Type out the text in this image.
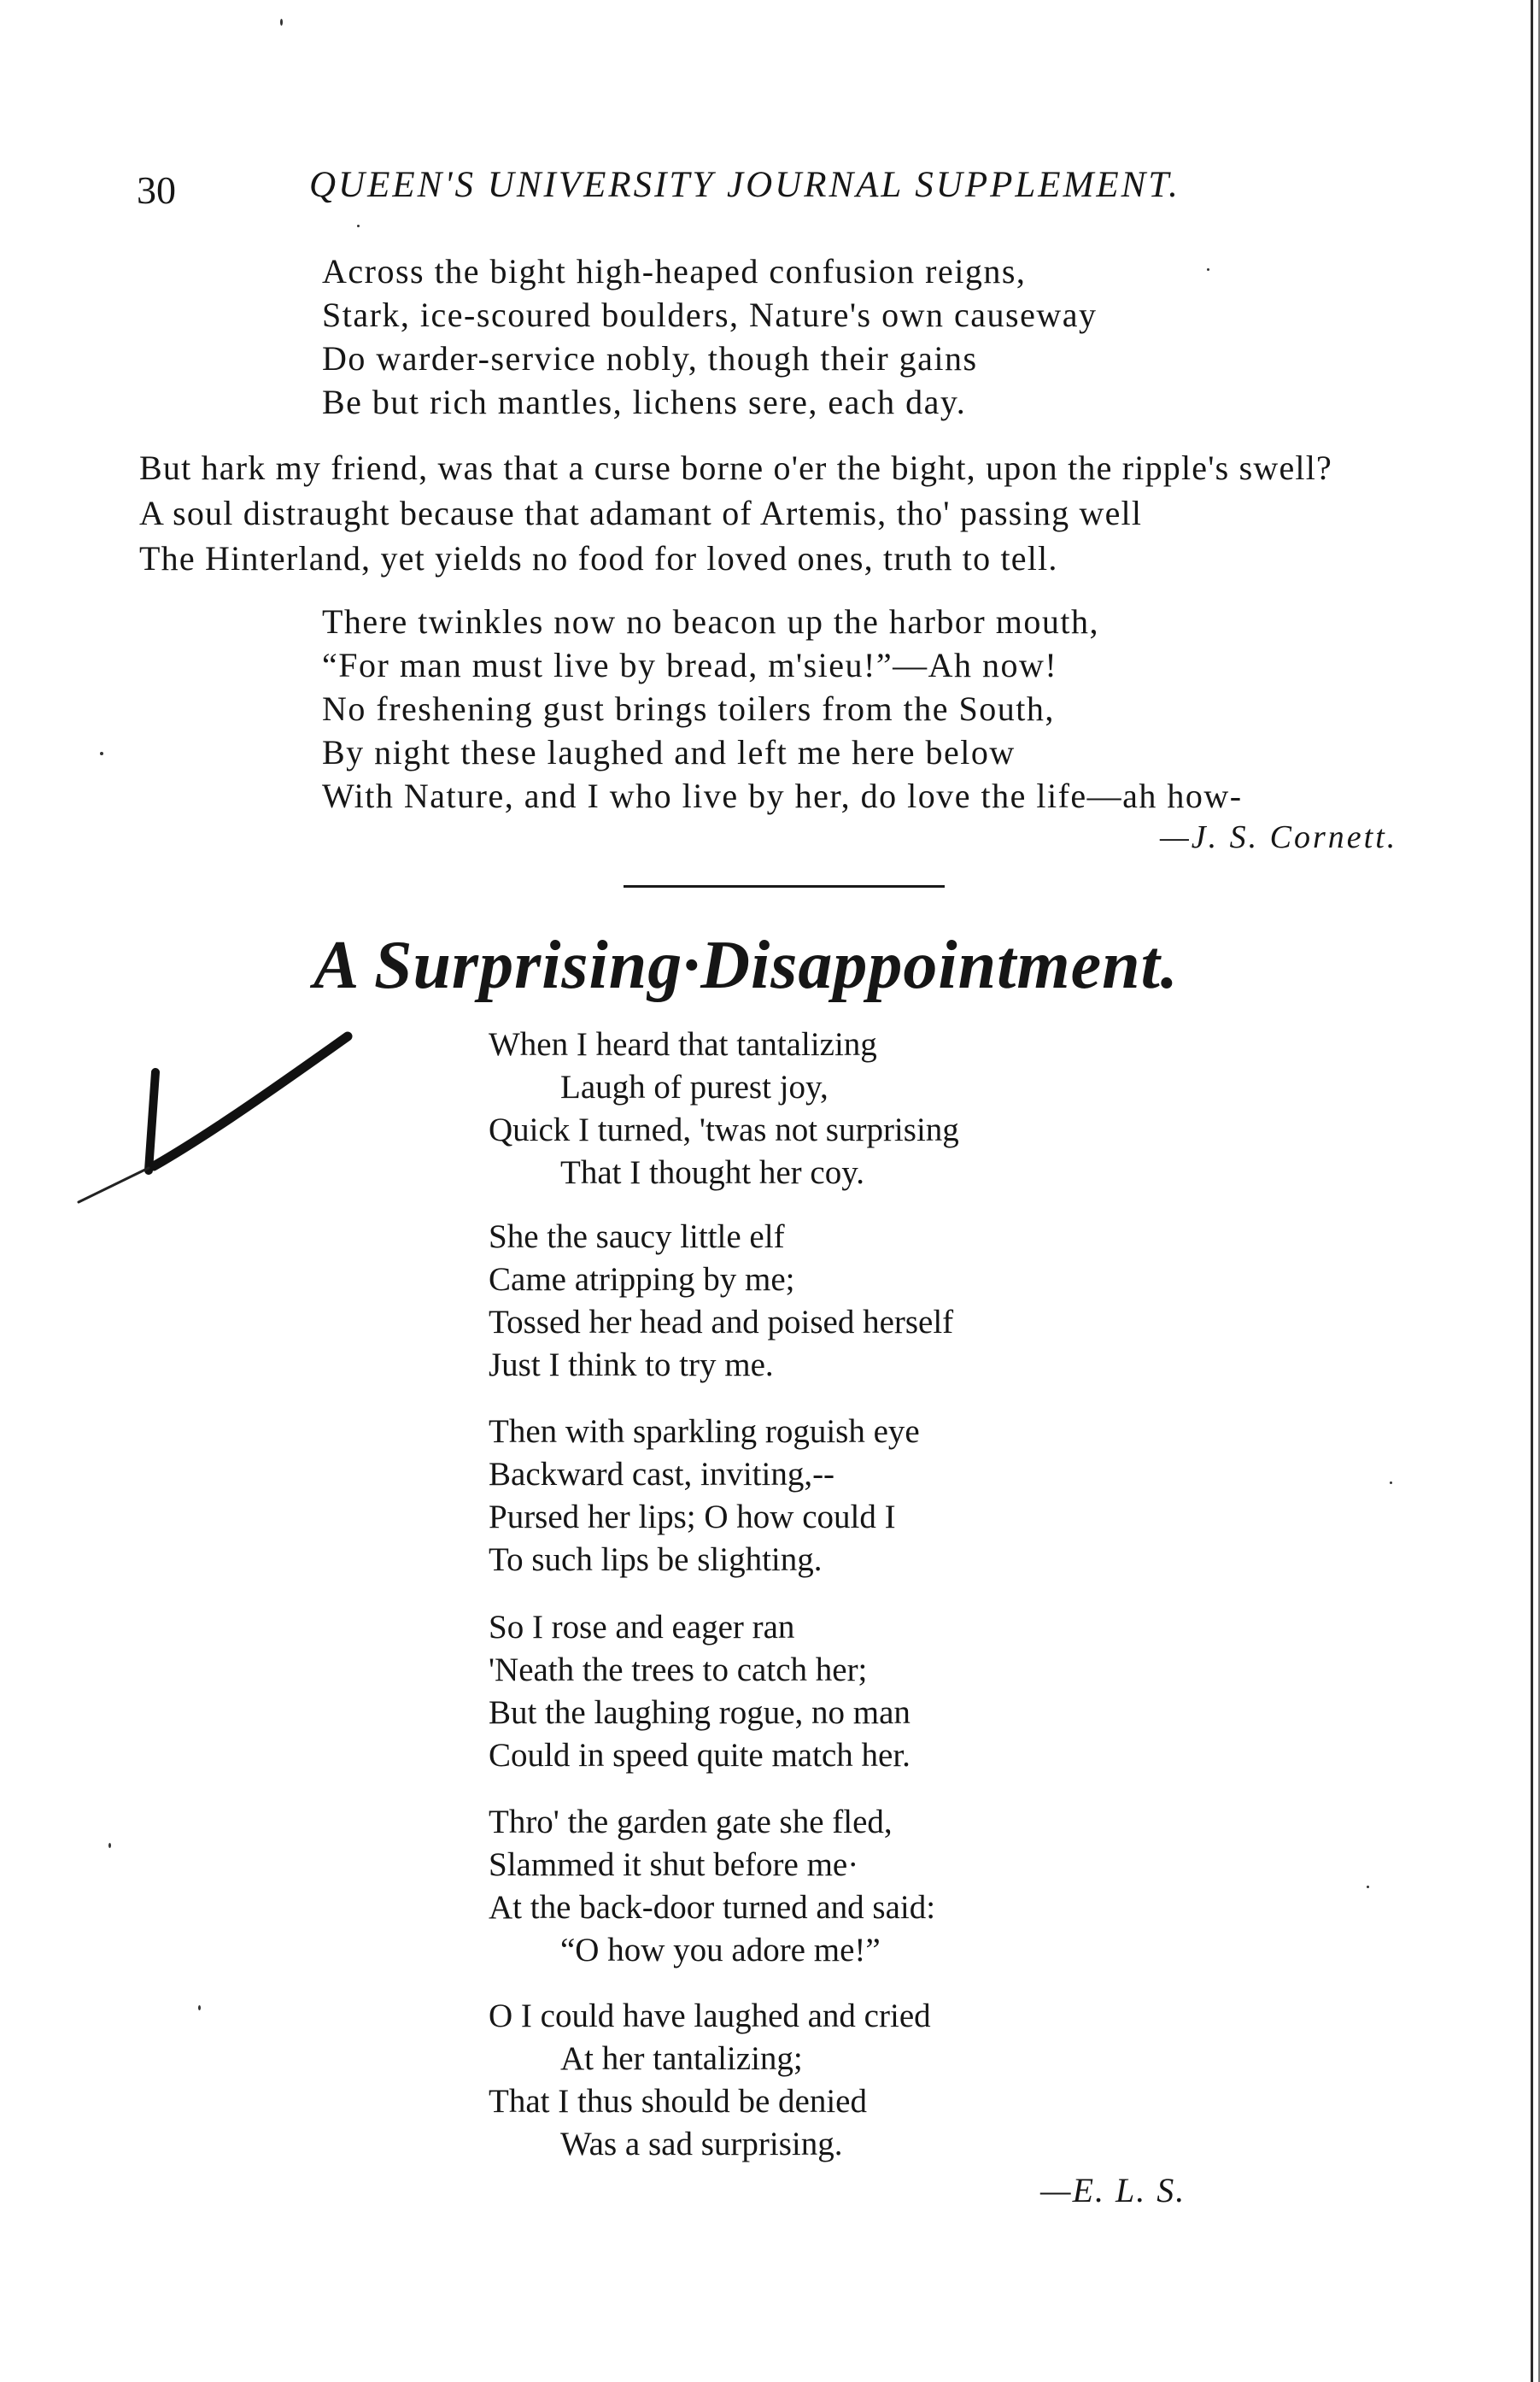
30	QUEEN'S UNIVERSITY JOURNAL SUPPLEMENT.
Across the bight high-heaped confusion reigns,
Stark, ice-scoured boulders, Nature's own causeway
Do warder-service nobly, though their gains
Be but rich mantles, lichens sere, each day.
But hark my friend, was that a curse borne o'er the bight, upon the ripple's swell?
A soul distraught because that adamant of Artemis, tho' passing well
The Hinterland, yet yields no food for loved ones, truth to tell.
There twinkles now no beacon up the harbor mouth,
“For man must live by bread, m'sieu!”—Ah now!
No freshening gust brings toilers from the South,
By night these laughed and left me here below
With Nature, and I who live by her, do love the life—ah how-
—J. S. Cornett.
A Surprising·Disappointment.
When I heard that tantalizing
Laugh of purest joy,
Quick I turned, 'twas not surprising
That I thought her coy.
She the saucy little elf
Came atripping by me;
Tossed her head and poised herself
Just I think to try me.
Then with sparkling roguish eye
Backward cast, inviting,--
Pursed her lips; O how could I
To such lips be slighting.
So I rose and eager ran
'Neath the trees to catch her;
But the laughing rogue, no man
Could in speed quite match her.
Thro' the garden gate she fled,
Slammed it shut before me·
At the back-door turned and said:
“O how you adore me!”
O I could have laughed and cried
At her tantalizing;
That I thus should be denied
Was a sad surprising.
—E. L. S.
